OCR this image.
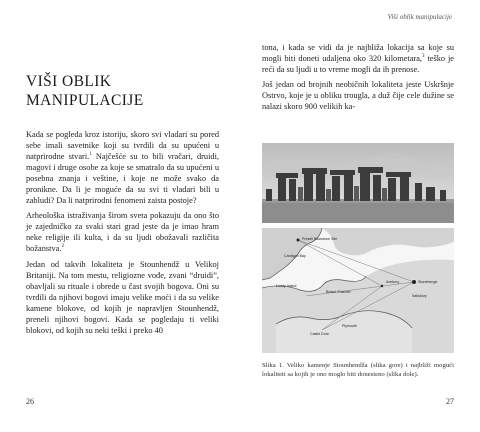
VIŠI OBLIK MANIPULACIJE

Kada se pogleda kroz istoriju, skoro svi vladari su pored sebe imali savetnike koji su tvrdili da su upućeni u natprirodne stvari.$^1$ Najčešće su to bili vračari, druidi, magovi i druge osobe za koje se smatralo da su upućeni u posebna znanja i veštine, i koje ne može svako da proniknе. Da li je moguće da su svi ti vladari bili u zabludi? Da li natprirodni fenomeni zaista postoje?

Arheološka istraživanja širom sveta pokazuju da ono što je zajedničko za svaki stari grad jeste da je imao hram neke religije ili kulta, i da su ljudi obožavali različita božanstva.$^2$

Jedan od takvih lokaliteta je Stounhendž u Velikoj Britaniji. Na tom mestu, religiozne vođe, zvani “druidi”, obavljali su rituale i obrede u čast svojih bogova. Oni su tvrdili da njihovi bogovi imaju velike moći i da su velike kamene blokove, od kojih je napravljen Stounhendž, preneli njihovi bogovi. Kada se pogledaju ti veliki blokovi, od kojih su neki teški i preko 40

26
Viši oblik manipulacije

tona, i kada se vidi da je najbliža lokacija sa koje su mogli biti doneti udaljena oko 320 kilometara,$^3$ teško je reći da su ljudi u to vreme mogli da ih prenose.

Još jedan od brojnih neobičnih lokaliteta jeste Uskršnje Ostrvo, koje je u obliku trougla, a duž čije cele dužine se nalazi skoro 900 velikih ka-

Preseli Bluestone Site
Cardigan Bay
Lundy Island
Bristol Channel
Stonehenge
Avebury
Salisbury
Castle Dore
Plymouth
Slika 1. Veliko kamenje Stounhendža (slika gore) i najbliži mogući lokaliteti sa kojih je ono moglo biti donesteno (slika dole).
27
